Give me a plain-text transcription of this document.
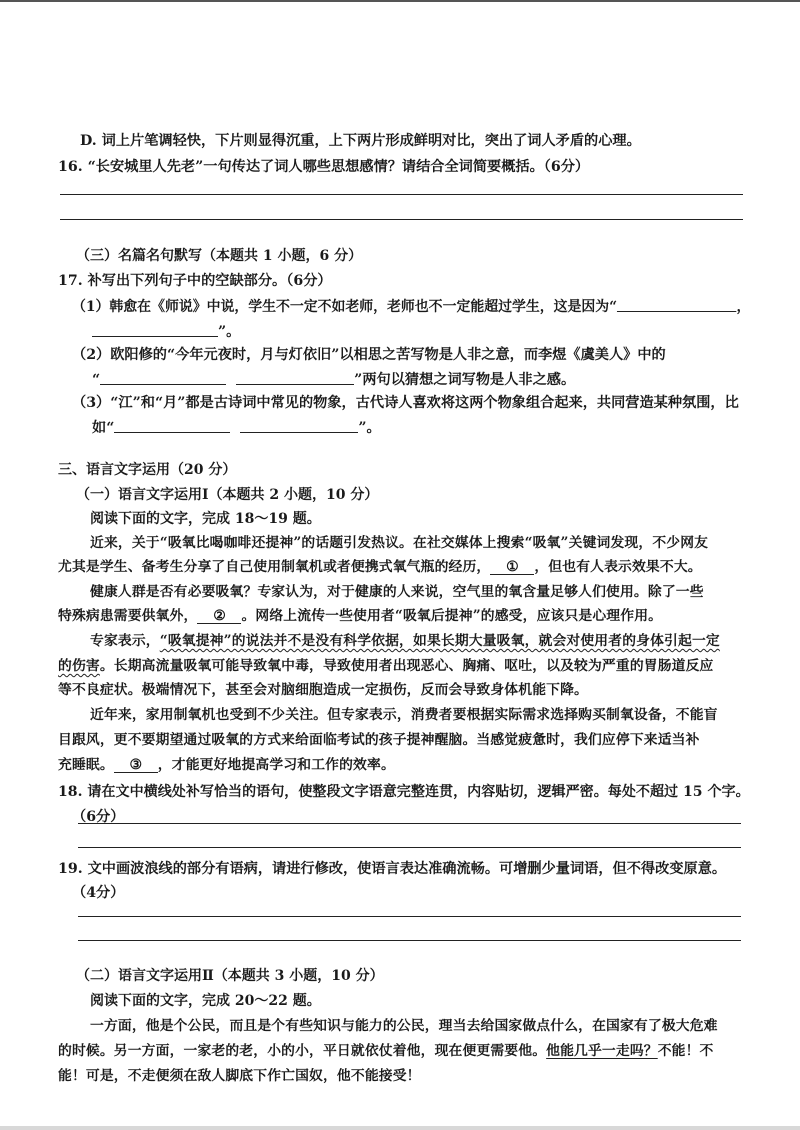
D. 词上片笔调轻快，下片则显得沉重，上下两片形成鲜明对比，突出了词人矛盾的心理。
16. “长安城里人先老”一句传达了词人哪些思想感情？请结合全词简要概括。（6分）
（三）名篇名句默写（本题共 1 小题，6 分）
17. 补写出下列句子中的空缺部分。（6分）
（1）韩愈在《师说》中说，学生不一定不如老师，老师也不一定能超过学生，这是因为“	，
”。
（2）欧阳修的“今年元夜时，月与灯依旧”以相思之苦写物是人非之意，而李煜《虞美人》中的
“	”两句以猜想之词写物是人非之感。
（3）“江”和“月”都是古诗词中常见的物象，古代诗人喜欢将这两个物象组合起来，共同营造某种氛围，比
如“	”。
三、语言文字运用（20 分）
（一）语言文字运用Ⅰ（本题共 2 小题，10 分）
阅读下面的文字，完成 18～19 题。
近来，关于“吸氧比喝咖啡还提神”的话题引发热议。在社交媒体上搜索“吸氧”关键词发现，不少网友
尤其是学生、备考生分享了自己使用制氧机或者便携式氧气瓶的经历， ① ，但也有人表示效果不大。
健康人群是否有必要吸氧？专家认为，对于健康的人来说，空气里的氧含量足够人们使用。除了一些
特殊病患需要供氧外， ② 。网络上流传一些使用者“吸氧后提神”的感受，应该只是心理作用。
专家表示，“吸氧提神”的说法并不是没有科学依据，如果长期大量吸氧，就会对使用者的身体引起一定
的伤害。长期高流量吸氧可能导致氧中毒，导致使用者出现恶心、胸痛、呕吐，以及较为严重的胃肠道反应
等不良症状。极端情况下，甚至会对脑细胞造成一定损伤，反而会导致身体机能下降。
近年来，家用制氧机也受到不少关注。但专家表示，消费者要根据实际需求选择购买制氧设备，不能盲
目跟风，更不要期望通过吸氧的方式来给面临考试的孩子提神醒脑。当感觉疲惫时，我们应停下来适当补
充睡眠。 ③ ，才能更好地提高学习和工作的效率。
18. 请在文中横线处补写恰当的语句，使整段文字语意完整连贯，内容贴切，逻辑严密。每处不超过 15 个字。
（6分）
19. 文中画波浪线的部分有语病，请进行修改，使语言表达准确流畅。可增删少量词语，但不得改变原意。
（4分）
（二）语言文字运用Ⅱ（本题共 3 小题，10 分）
阅读下面的文字，完成 20～22 题。
一方面，他是个公民，而且是个有些知识与能力的公民，理当去给国家做点什么，在国家有了极大危难
的时候。另一方面，一家老的老，小的小，平日就依仗着他，现在便更需要他。他能几乎一走吗？不能！不
能！可是，不走便须在敌人脚底下作亡国奴，他不能接受！
